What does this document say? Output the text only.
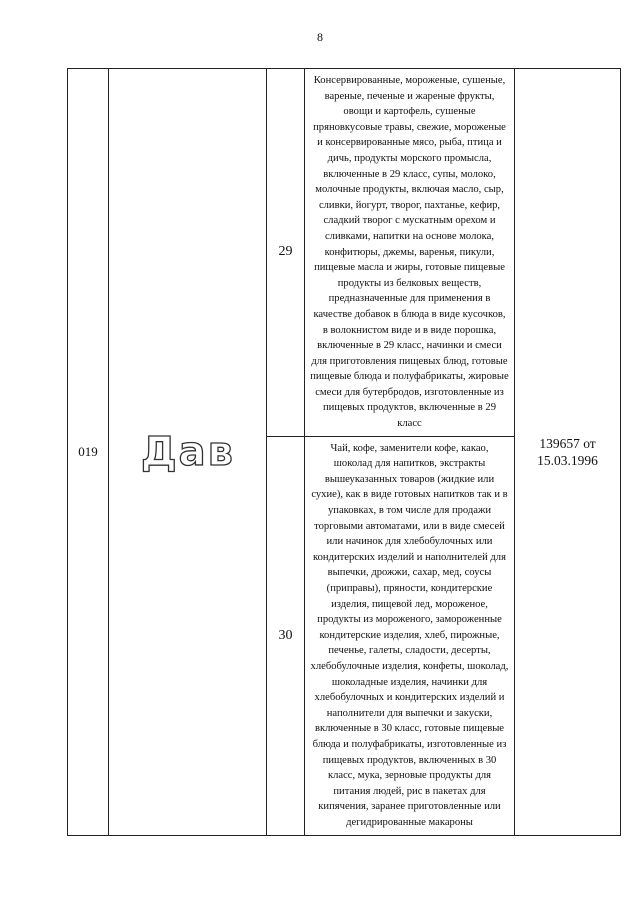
8
019	Дав	29	Консервированные, мороженые, сушеные, вареные, печеные и жареные фрукты, овощи и картофель, сушеные пряновкусовые травы, свежие, мороженые и консервированные мясо, рыба, птица и дичь, продукты морского промысла, включенные в 29 класс, супы, молоко, молочные продукты, включая масло, сыр, сливки, йогурт, творог, пахтанье, кефир, сладкий творог с мускатным орехом и сливками, напитки на основе молока, конфитюры, джемы, варенья, пикули, пищевые масла и жиры, готовые пищевые продукты из белковых веществ, предназначенные для применения в качестве добавок в блюда в виде кусочков, в волокнистом виде и в виде порошка, включенные в 29 класс, начинки и смеси для приготовления пищевых блюд, готовые пищевые блюда и полуфабрикаты, жировые смеси для бутербродов, изготовленные из пищевых продуктов, включенные в 29 класс	139657 от 15.03.1996

		30	Чай, кофе, заменители кофе, какао, шоколад для напитков, экстракты вышеуказанных товаров (жидкие или сухие), как в виде готовых напитков так и в упаковках, в том числе для продажи торговыми автоматами, или в виде смесей или начинок для хлебобулочных или кондитерских изделий и наполнителей для выпечки, дрожжи, сахар, мед, соусы (приправы), пряности, кондитерские изделия, пищевой лед, мороженое, продукты из мороженого, замороженные кондитерские изделия, хлеб, пирожные, печенье, галеты, сладости, десерты, хлебобулочные изделия, конфеты, шоколад, шоколадные изделия, начинки для хлебобулочных и кондитерских изделий и наполнители для выпечки и закуски, включенные в 30 класс, готовые пищевые блюда и полуфабрикаты, изготовленные из пищевых продуктов, включенных в 30 класс, мука, зерновые продукты для питания людей, рис в пакетах для кипячения, заранее приготовленные или дегидрированные макароны	
